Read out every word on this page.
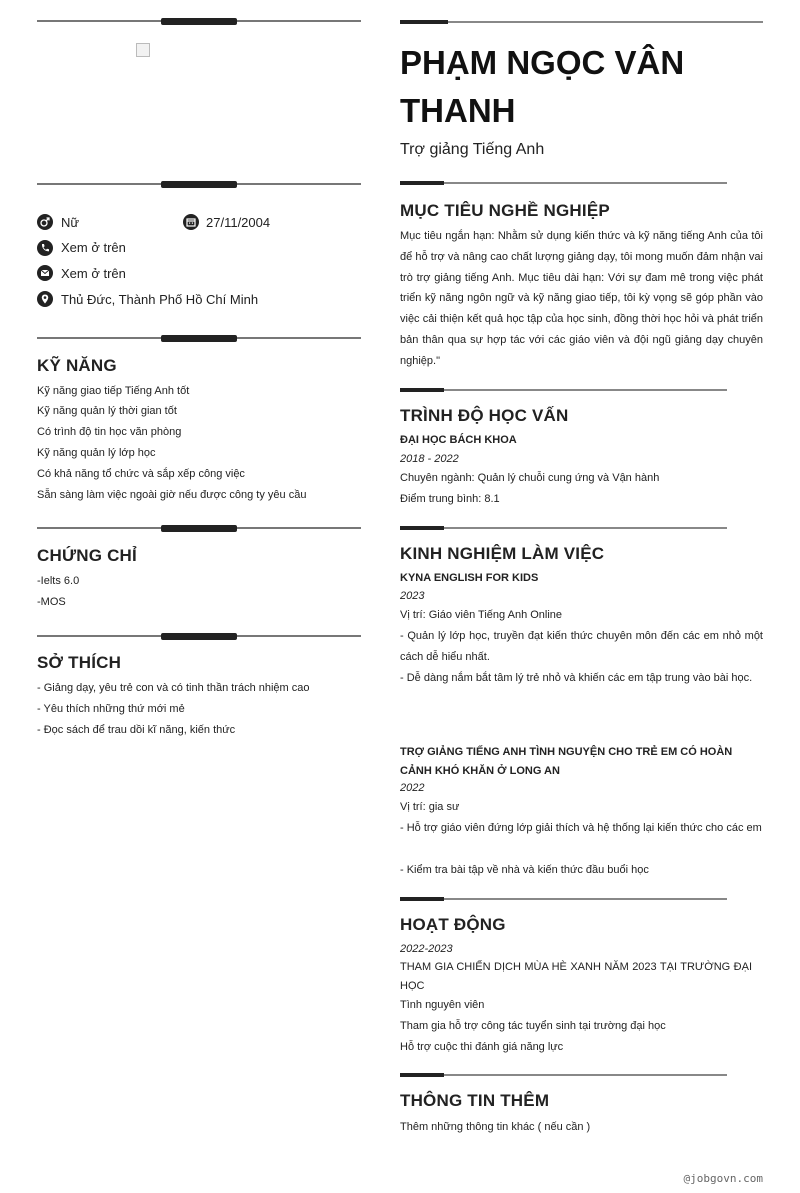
Nữ	27/11/2004
Xem ở trên
Xem ở trên
Thủ Đức, Thành Phố Hồ Chí Minh
KỸ NĂNG
Kỹ năng giao tiếp Tiếng Anh tốt
Kỹ năng quản lý thời gian tốt
Có trình độ tin học văn phòng
Kỹ năng quản lý lớp học
Có khả năng tổ chức và sắp xếp công việc
Sẵn sàng làm việc ngoài giờ nếu được công ty yêu cầu
CHỨNG CHỈ
-Ielts 6.0
-MOS
SỞ THÍCH
- Giảng dạy, yêu trẻ con và có tinh thần trách nhiệm cao
- Yêu thích những thứ mới mẻ
- Đọc sách để trau dồi kĩ năng, kiến thức
PHẠM NGỌC VÂN THANH
Trợ giảng Tiếng Anh
MỤC TIÊU NGHỀ NGHIỆP
Mục tiêu ngắn hạn: Nhằm sử dụng kiến thức và kỹ năng tiếng Anh của tôi để hỗ trợ và nâng cao chất lượng giảng dạy, tôi mong muốn đảm nhận vai trò trợ giảng tiếng Anh. Mục tiêu dài hạn: Với sự đam mê trong việc phát triển kỹ năng ngôn ngữ và kỹ năng giao tiếp, tôi kỳ vọng sẽ góp phần vào việc cải thiện kết quả học tập của học sinh, đồng thời học hỏi và phát triển bản thân qua sự hợp tác với các giáo viên và đội ngũ giảng dạy chuyên nghiệp."
TRÌNH ĐỘ HỌC VẤN
ĐẠI HỌC BÁCH KHOA
2018 - 2022
Chuyên ngành: Quản lý chuỗi cung ứng và Vận hành
Điểm trung bình: 8.1
KINH NGHIỆM LÀM VIỆC
KYNA ENGLISH FOR KIDS
2023
Vị trí: Giáo viên Tiếng Anh Online
- Quản lý lớp học, truyền đạt kiến thức chuyên môn đến các em nhỏ một cách dễ hiểu nhất.
- Dễ dàng nắm bắt tâm lý trẻ nhỏ và khiến các em tập trung vào bài học.
TRỢ GIẢNG TIẾNG ANH TÌNH NGUYỆN CHO TRẺ EM CÓ HOÀN CẢNH KHÓ KHĂN Ở LONG AN
2022
Vị trí: gia sư
- Hỗ trợ giáo viên đứng lớp giải thích và hệ thống lại kiến thức cho các em
- Kiểm tra bài tập về nhà và kiến thức đầu buổi học
HOẠT ĐỘNG
2022-2023
THAM GIA CHIẾN DỊCH MÙA HÈ XANH NĂM 2023 TẠI TRƯỜNG ĐẠI HỌC
Tình nguyên viên
Tham gia hỗ trợ công tác tuyển sinh tại trường đại học
Hỗ trợ cuộc thi đánh giá năng lực
THÔNG TIN THÊM
Thêm những thông tin khác ( nếu cần )
@jobgovn.com
